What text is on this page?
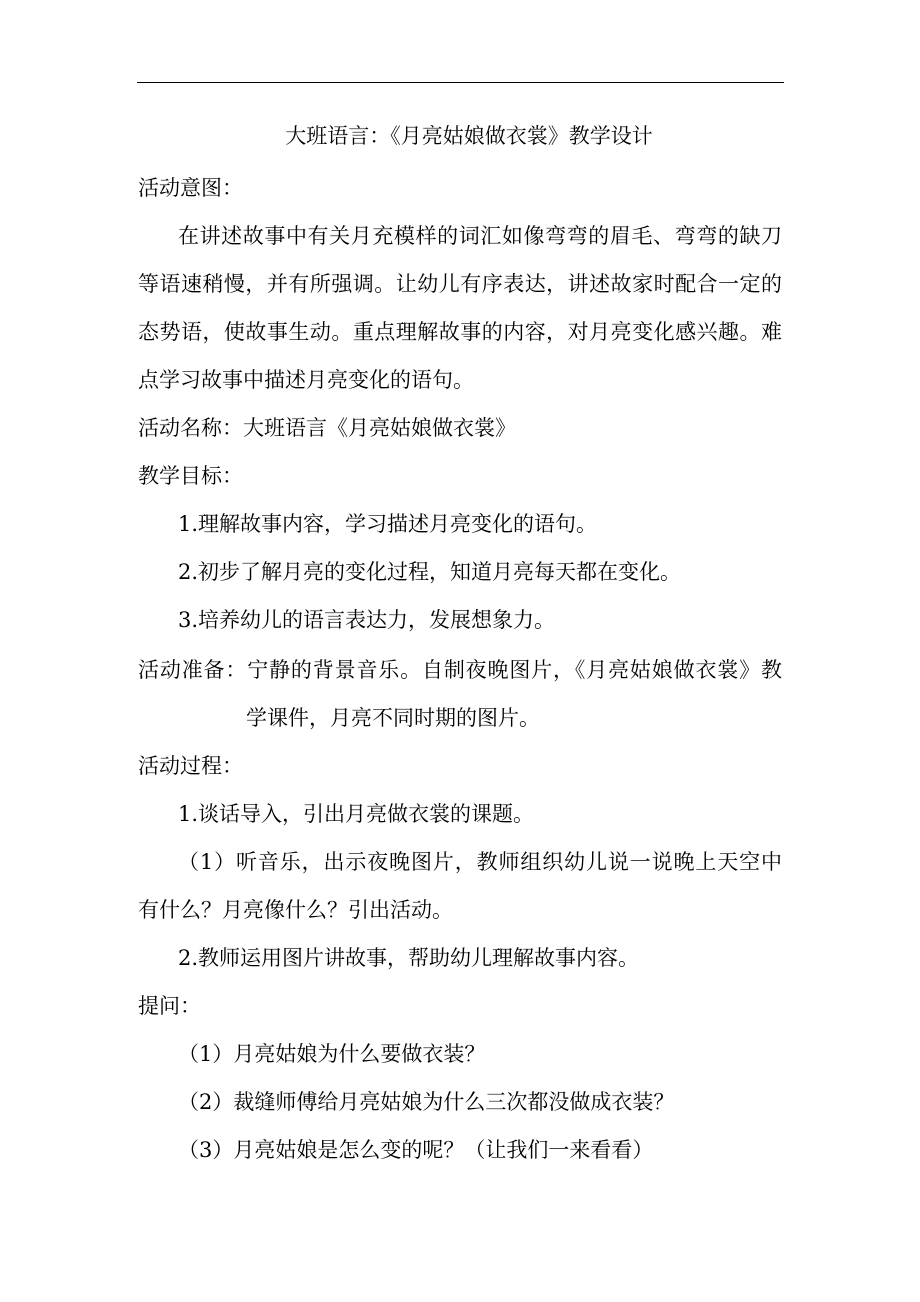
大班语言：《月亮姑娘做衣裳》教学设计

活动意图：

在讲述故事中有关月充模样的词汇如像弯弯的眉毛、弯弯的缺刀

等语速稍慢，并有所强调。让幼儿有序表达，讲述故家时配合一定的

态势语，使故事生动。重点理解故事的内容，对月亮变化感兴趣。难

点学习故事中描述月亮变化的语句。

活动名称：大班语言《月亮姑娘做衣裳》

教学目标：

1.理解故事内容，学习描述月亮变化的语句。

2.初步了解月亮的变化过程，知道月亮每天都在变化。

3.培养幼儿的语言表达力，发展想象力。

活动准备：宁静的背景音乐。自制夜晚图片，《月亮姑娘做衣裳》教

学课件，月亮不同时期的图片。

活动过程：

1.谈话导入，引出月亮做衣裳的课题。

（1）听音乐，出示夜晚图片，教师组织幼儿说一说晚上天空中

有什么？月亮像什么？引出活动。

2.教师运用图片讲故事，帮助幼儿理解故事内容。

提问：

（1）月亮姑娘为什么要做衣装？

（2）裁缝师傅给月亮姑娘为什么三次都没做成衣装？

（3）月亮姑娘是怎么变的呢？（让我们一来看看）
